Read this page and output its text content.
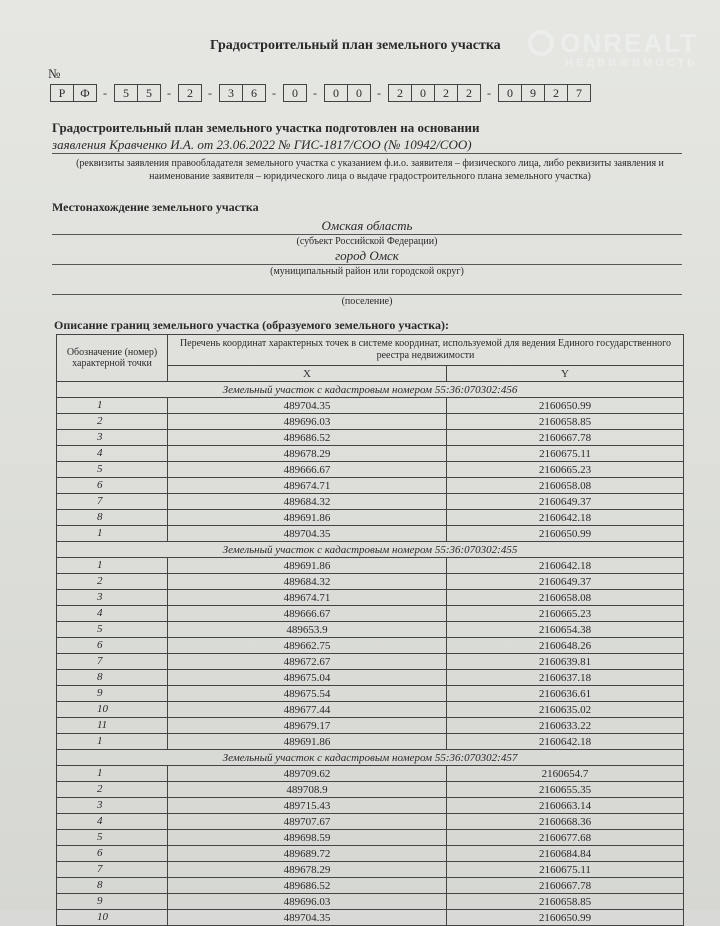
ONREALT
НЕДВИЖИМОСТЬ
Градостроительный план земельного участка
№
Р	Ф	-	5	5	-	2	-	3	6	-	0	-	0	0	-	2	0	2	2	-	0	9	2	7
Градостроительный план земельного участка подготовлен на основании
заявления Кравченко И.А. от 23.06.2022 № ГИС-1817/СОО (№ 10942/СОО)
(реквизиты заявления правообладателя земельного участка с указанием ф.и.о. заявителя – физического лица, либо реквизиты заявления и наименование заявителя – юридического лица о выдаче градостроительного плана земельного участка)
Местонахождение земельного участка
Омская область
(субъект Российской Федерации)
город Омск
(муниципальный район или городской округ)
(поселение)
Описание границ земельного участка (образуемого земельного участка):
Обозначение (номер) характерной точки	Перечень координат характерных точек в системе координат, используемой для ведения Единого государственного реестра недвижимости	
	X	Y
Земельный участок с кадастровым номером 55:36:070302:456		
1	489704.35	2160650.99
2	489696.03	2160658.85
3	489686.52	2160667.78
4	489678.29	2160675.11
5	489666.67	2160665.23
6	489674.71	2160658.08
7	489684.32	2160649.37
8	489691.86	2160642.18
1	489704.35	2160650.99
Земельный участок с кадастровым номером 55:36:070302:455		
1	489691.86	2160642.18
2	489684.32	2160649.37
3	489674.71	2160658.08
4	489666.67	2160665.23
5	489653.9	2160654.38
6	489662.75	2160648.26
7	489672.67	2160639.81
8	489675.04	2160637.18
9	489675.54	2160636.61
10	489677.44	2160635.02
11	489679.17	2160633.22
1	489691.86	2160642.18
Земельный участок с кадастровым номером 55:36:070302:457		
1	489709.62	2160654.7
2	489708.9	2160655.35
3	489715.43	2160663.14
4	489707.67	2160668.36
5	489698.59	2160677.68
6	489689.72	2160684.84
7	489678.29	2160675.11
8	489686.52	2160667.78
9	489696.03	2160658.85
10	489704.35	2160650.99
